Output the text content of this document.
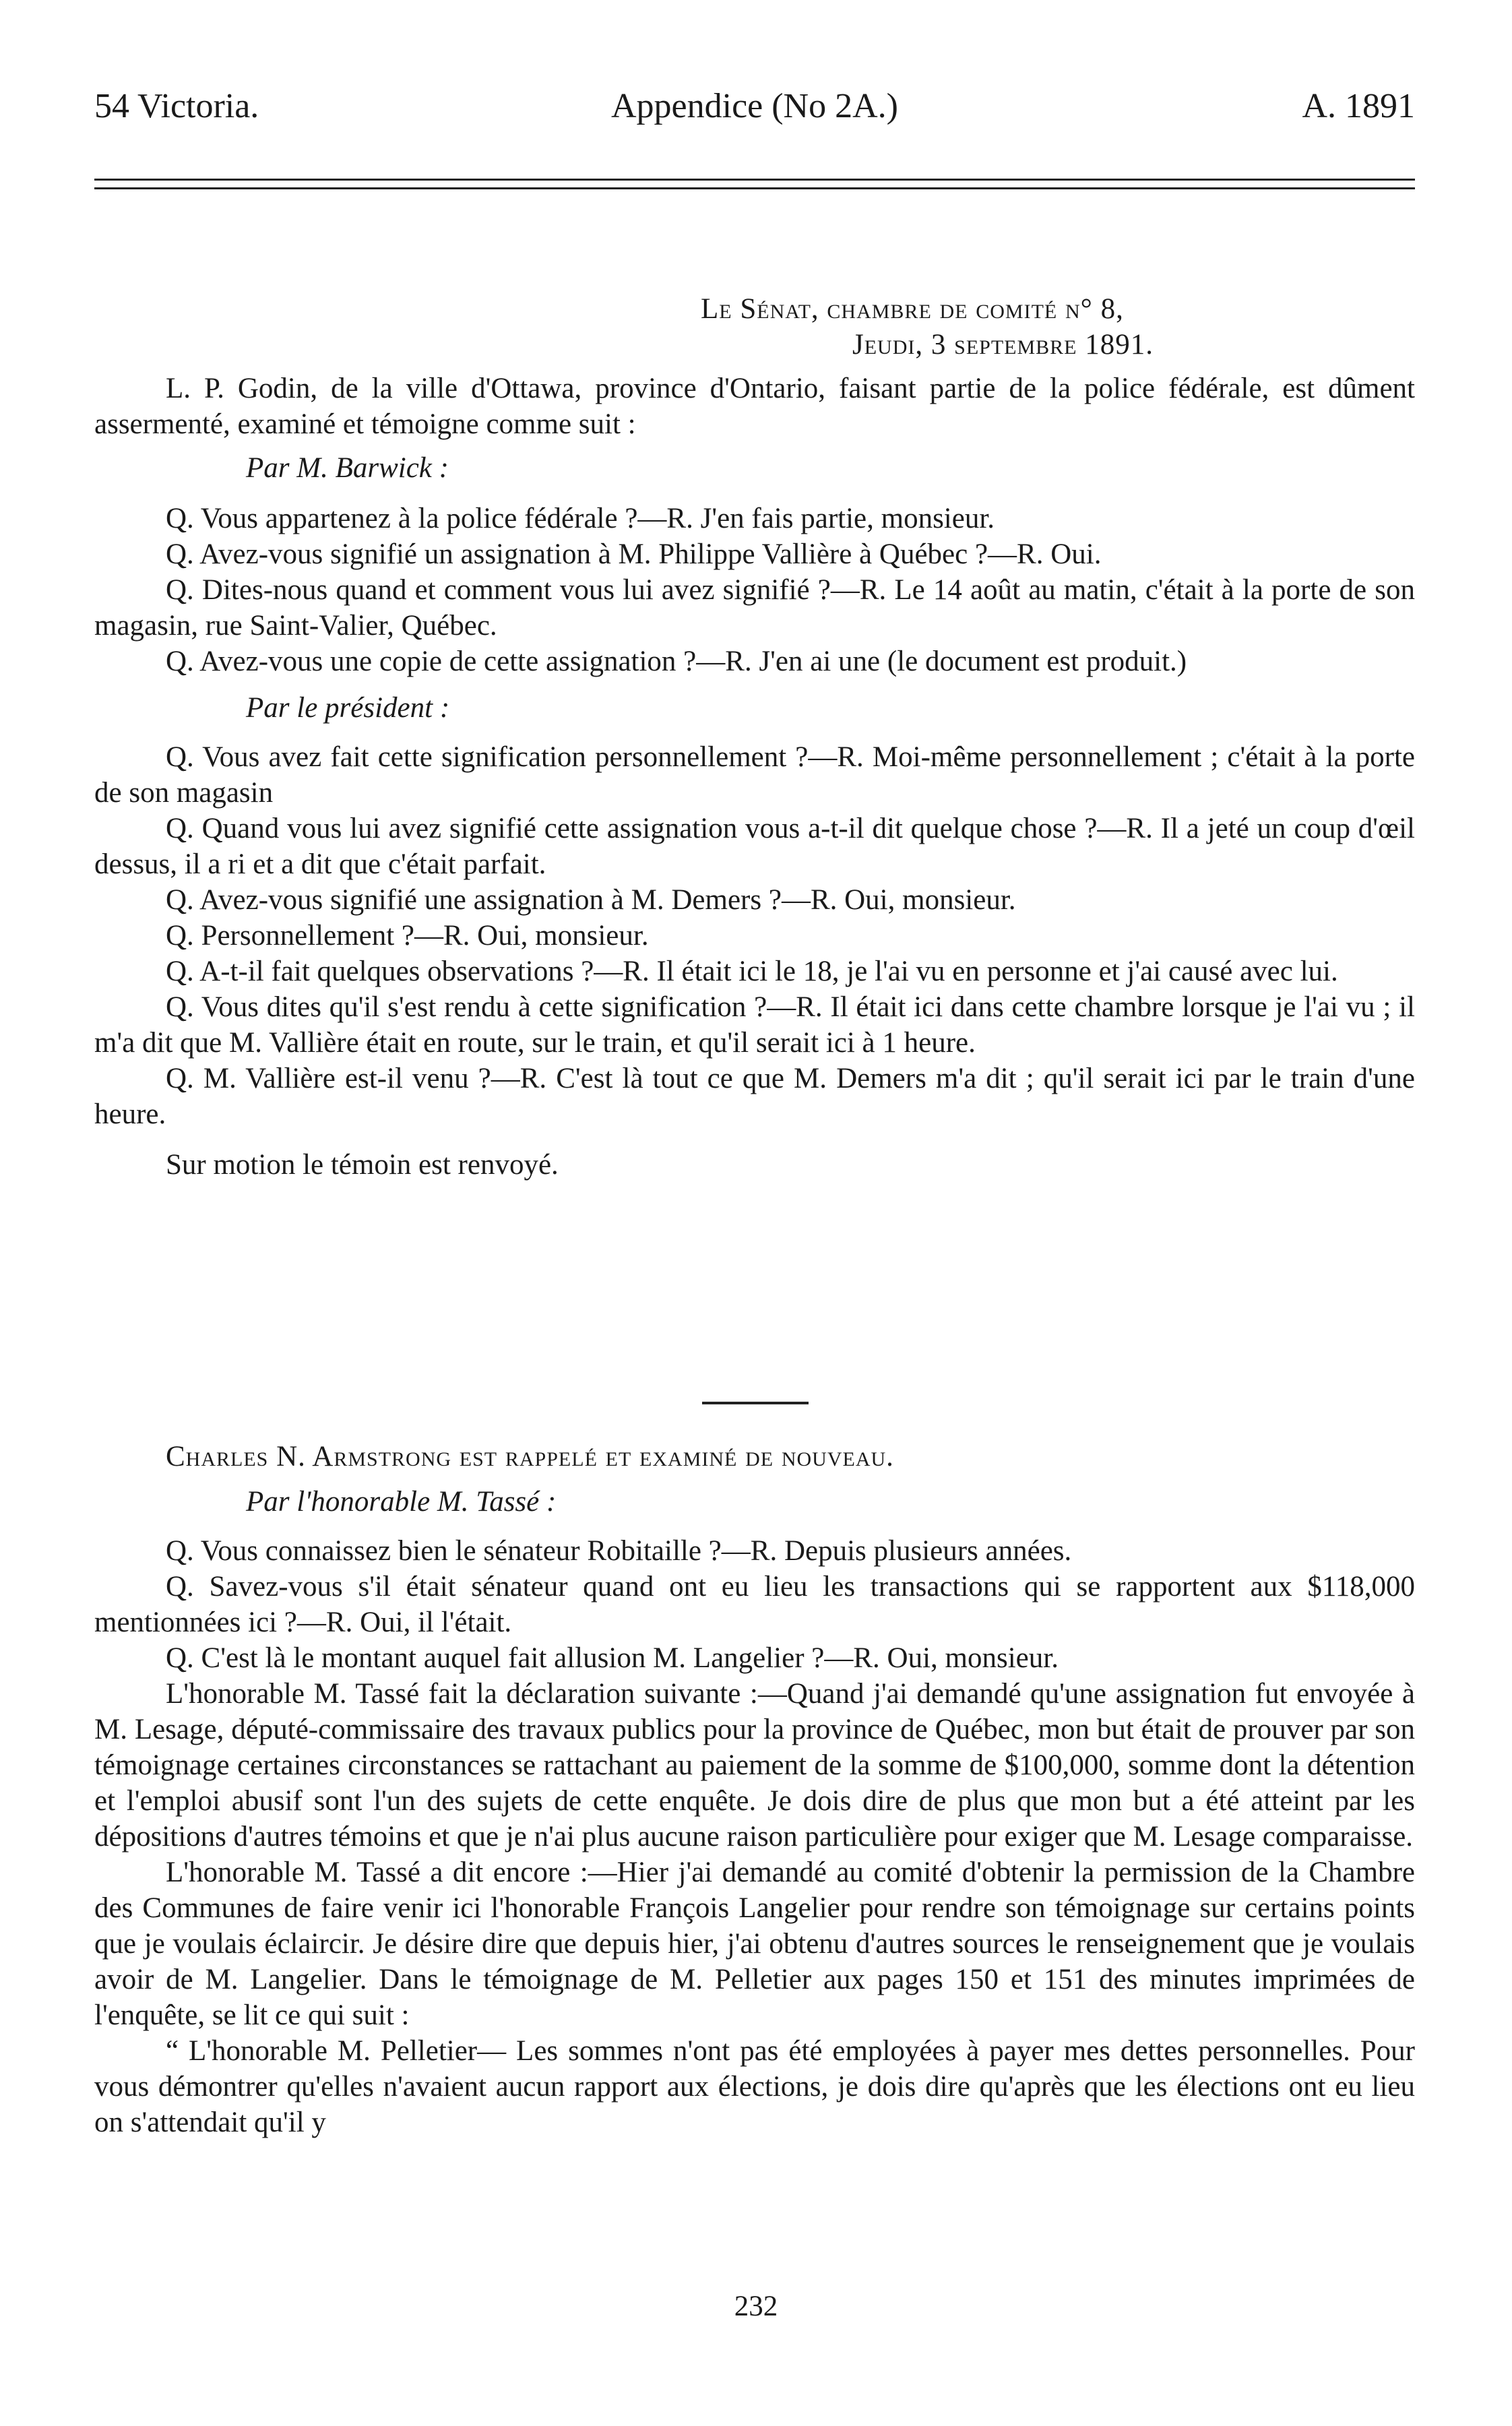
54 Victoria.	Appendice (No 2A.)	A. 1891

Le Sénat, chambre de comité n° 8,

Jeudi, 3 septembre 1891.

L. P. Godin, de la ville d'Ottawa, province d'Ontario, faisant partie de la police fédérale, est dûment assermenté, examiné et témoigne comme suit :

Par M. Barwick :

Q. Vous appartenez à la police fédérale ?—R. J'en fais partie, monsieur.

Q. Avez-vous signifié un assignation à M. Philippe Vallière à Québec ?—R. Oui.

Q. Dites-nous quand et comment vous lui avez signifié ?—R. Le 14 août au matin, c'était à la porte de son magasin, rue Saint-Valier, Québec.

Q. Avez-vous une copie de cette assignation ?—R. J'en ai une (le document est produit.)

Par le président :

Q. Vous avez fait cette signification personnellement ?—R. Moi-même personnellement ; c'était à la porte de son magasin

Q. Quand vous lui avez signifié cette assignation vous a-t-il dit quelque chose ?—R. Il a jeté un coup d'œil dessus, il a ri et a dit que c'était parfait.

Q. Avez-vous signifié une assignation à M. Demers ?—R. Oui, monsieur.

Q. Personnellement ?—R. Oui, monsieur.

Q. A-t-il fait quelques observations ?—R. Il était ici le 18, je l'ai vu en personne et j'ai causé avec lui.

Q. Vous dites qu'il s'est rendu à cette signification ?—R. Il était ici dans cette chambre lorsque je l'ai vu ; il m'a dit que M. Vallière était en route, sur le train, et qu'il serait ici à 1 heure.

Q. M. Vallière est-il venu ?—R. C'est là tout ce que M. Demers m'a dit ; qu'il serait ici par le train d'une heure.

Sur motion le témoin est renvoyé.

Charles N. Armstrong est rappelé et examiné de nouveau.

Par l'honorable M. Tassé :

Q. Vous connaissez bien le sénateur Robitaille ?—R. Depuis plusieurs années.

Q. Savez-vous s'il était sénateur quand ont eu lieu les transactions qui se rapportent aux $118,000 mentionnées ici ?—R. Oui, il l'était.

Q. C'est là le montant auquel fait allusion M. Langelier ?—R. Oui, monsieur.

L'honorable M. Tassé fait la déclaration suivante :—Quand j'ai demandé qu'une assignation fut envoyée à M. Lesage, député-commissaire des travaux publics pour la province de Québec, mon but était de prouver par son témoignage certaines circonstances se rattachant au paiement de la somme de $100,000, somme dont la détention et l'emploi abusif sont l'un des sujets de cette enquête. Je dois dire de plus que mon but a été atteint par les dépositions d'autres témoins et que je n'ai plus aucune raison particulière pour exiger que M. Lesage comparaisse.

L'honorable M. Tassé a dit encore :—Hier j'ai demandé au comité d'obtenir la permission de la Chambre des Communes de faire venir ici l'honorable François Langelier pour rendre son témoignage sur certains points que je voulais éclaircir. Je désire dire que depuis hier, j'ai obtenu d'autres sources le renseignement que je voulais avoir de M. Langelier. Dans le témoignage de M. Pelletier aux pages 150 et 151 des minutes imprimées de l'enquête, se lit ce qui suit :

“ L'honorable M. Pelletier— Les sommes n'ont pas été employées à payer mes dettes personnelles. Pour vous démontrer qu'elles n'avaient aucun rapport aux élections, je dois dire qu'après que les élections ont eu lieu on s'attendait qu'il y

232
